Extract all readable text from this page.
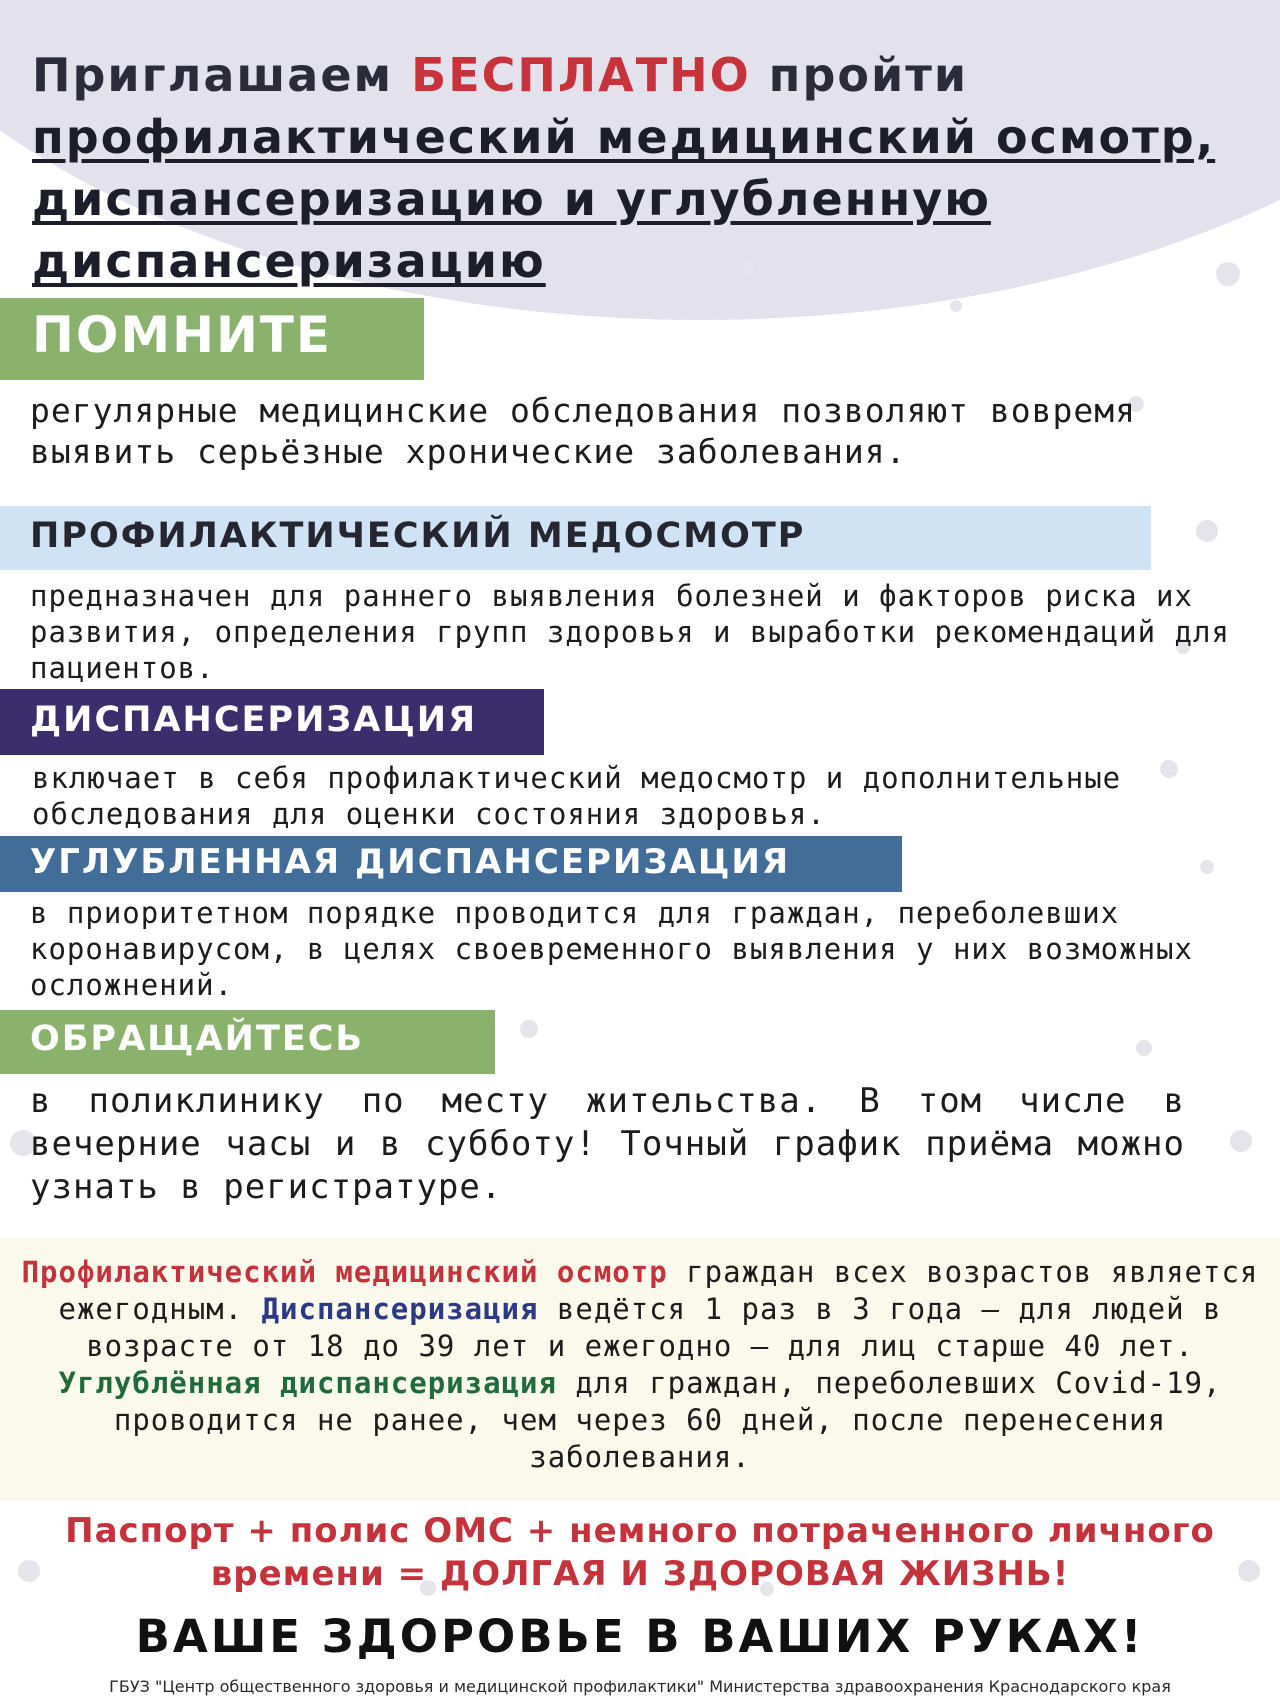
Приглашаем БЕСПЛАТНО пройти
профилактический медицинский осмотр,
диспансеризацию и углубленную
диспансеризацию
ПОМНИТЕ
регулярные медицинские обследования позволяют вовремя выявить серьёзные хронические заболевания.
ПРОФИЛАКТИЧЕСКИЙ МЕДОСМОТР
предназначен для раннего выявления болезней и факторов риска их развития, определения групп здоровья и выработки рекомендаций для пациентов.
ДИСПАНСЕРИЗАЦИЯ
включает в себя профилактический медосмотр и дополнительные обследования для оценки состояния здоровья.
УГЛУБЛЕННАЯ ДИСПАНСЕРИЗАЦИЯ
в приоритетном порядке проводится для граждан, переболевших коронавирусом, в целях своевременного выявления у них возможных осложнений.
ОБРАЩАЙТЕСЬ
в поликлинику по месту жительства. В том числе в вечерние часы и в субботу! Точный график приёма можно узнать в регистратуре.
Профилактический медицинский осмотр граждан всех возрастов является ежегодным. Диспансеризация ведётся 1 раз в 3 года – для людей в возрасте от 18 до 39 лет и ежегодно – для лиц старше 40 лет. Углублённая диспансеризация для граждан, переболевших Covid-19, проводится не ранее, чем через 60 дней, после перенесения заболевания.
Паспорт + полис ОМС + немного потраченного личного времени = ДОЛГАЯ И ЗДОРОВАЯ ЖИЗНЬ!
ВАШЕ ЗДОРОВЬЕ В ВАШИХ РУКАХ!
ГБУЗ "Центр общественного здоровья и медицинской профилактики" Министерства здравоохранения Краснодарского края
